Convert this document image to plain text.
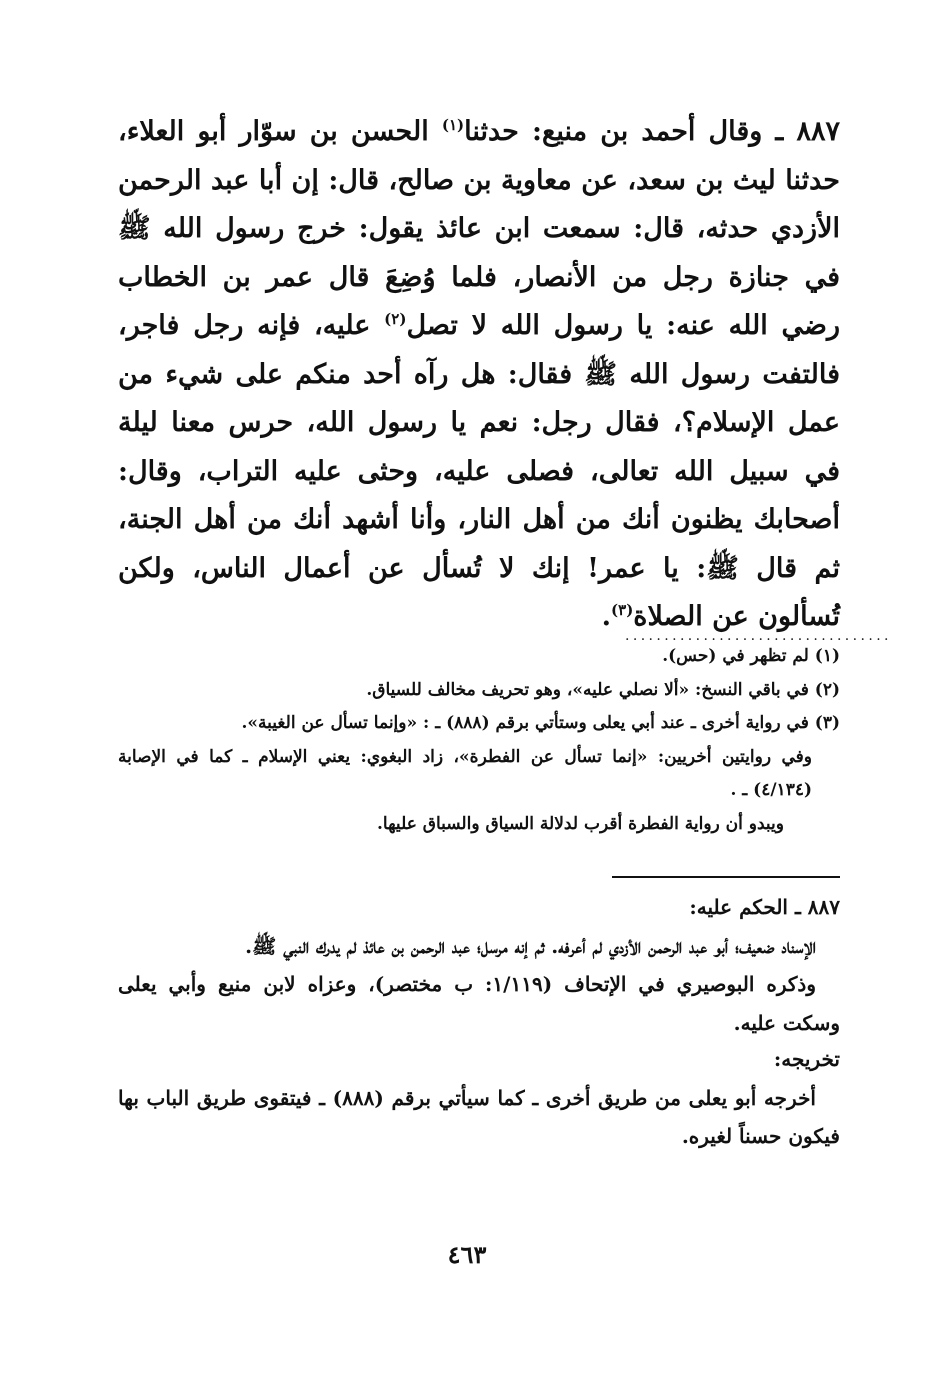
٨٨٧ ـ وقال أحمد بن منيع: حدثنا$^{(١)}$ الحسن بن سوّار أبو العلاء، حدثنا ليث بن سعد، عن معاوية بن صالح، قال: إن أبا عبد الرحمن الأزدي حدثه، قال: سمعت ابن عائذ يقول: خرج رسول الله ﷺ في جنازة رجل من الأنصار، فلما وُضِعَ قال عمر بن الخطاب رضي الله عنه: يا رسول الله لا تصل$^{(٢)}$ عليه، فإنه رجل فاجر، فالتفت رسول الله ﷺ فقال: هل رآه أحد منكم على شيء من عمل الإسلام؟، فقال رجل: نعم يا رسول الله، حرس معنا ليلة في سبيل الله تعالى، فصلى عليه، وحثى عليه التراب، وقال: أصحابك يظنون أنك من أهل النار، وأنا أشهد أنك من أهل الجنة، ثم قال ﷺ: يا عمر! إنك لا تُسأل عن أعمال الناس، ولكن تُسألون عن الصلاة$^{(٣)}$.

..................................

(١) لم تظهر في (حس).

(٢) في باقي النسخ: «ألا نصلي عليه»، وهو تحريف مخالف للسياق.

(٣) في رواية أخرى ـ عند أبي يعلى وستأتي برقم (٨٨٨) ـ : «وإنما تسأل عن الغيبة».

وفي روايتين أخريين: «إنما تسأل عن الفطرة»، زاد البغوي: يعني الإسلام ـ كما في الإصابة (٤/١٣٤) ـ .

ويبدو أن رواية الفطرة أقرب لدلالة السياق والسباق عليها.

٨٨٧ ـ الحكم عليه:

الإسناد ضعيف؛ أبو عبد الرحمن الأزدي لم أعرفه. ثم إنه مرسل؛ عبد الرحمن بن عائذ لم يدرك النبي ﷺ.

وذكره البوصيري في الإتحاف (١/١١٩: ب مختصر)، وعزاه لابن منيع وأبي يعلى وسكت عليه.

تخريجه:

أخرجه أبو يعلى من طريق أخرى ـ كما سيأتي برقم (٨٨٨) ـ فيتقوى طريق الباب بها فيكون حسناً لغيره.

٤٦٣
